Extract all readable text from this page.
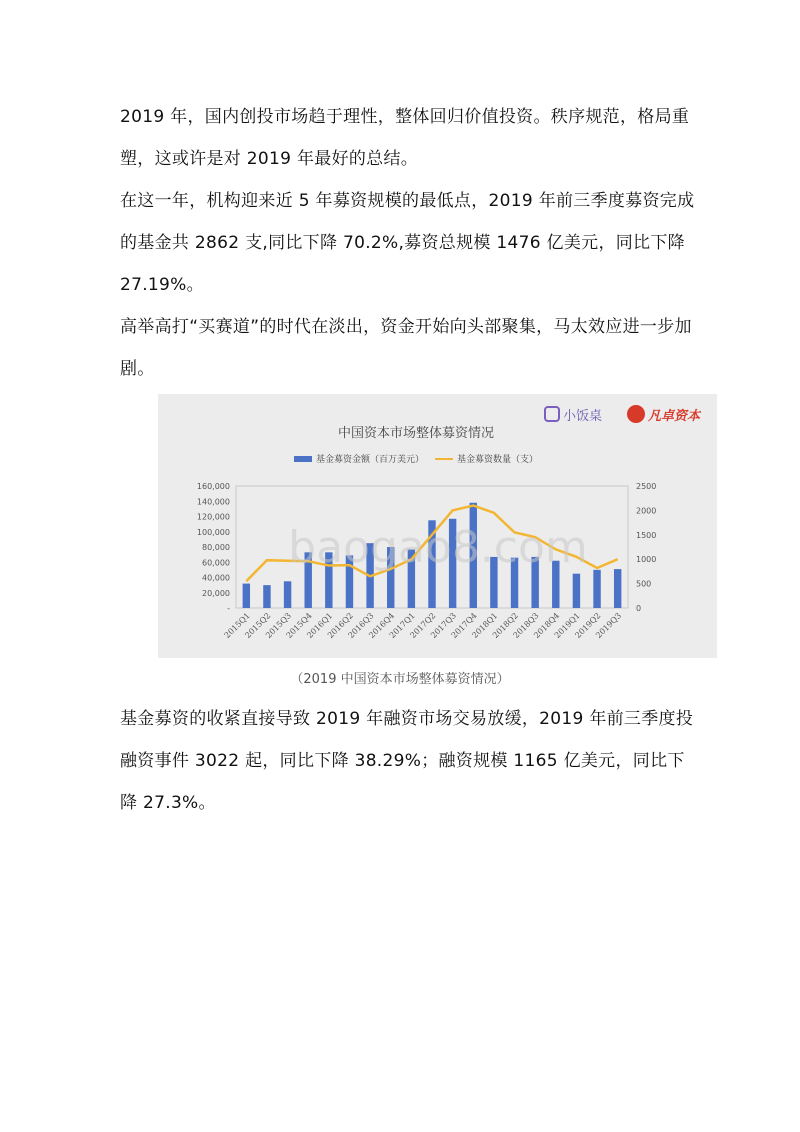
2019 年，国内创投市场趋于理性，整体回归价值投资。秩序规范，格局重塑，这或许是对 2019 年最好的总结。

在这一年，机构迎来近 5 年募资规模的最低点，2019 年前三季度募资完成的基金共 2862 支,同比下降 70.2%,募资总规模 1476 亿美元，同比下降 27.19%。

高举高打“买赛道”的时代在淡出，资金开始向头部聚集，马太效应进一步加剧。

小饭桌	凡卓资本
中国资本市场整体募资情况
基金募资金额（百万美元）	基金募资数量（支）
-
20,000
40,000
60,000
80,000
100,000
120,000
140,000
160,000
0
500
1000
1500
2000
2500
2015Q1
2015Q2
2015Q3
2015Q4
2016Q1
2016Q2
2016Q3
2016Q4
2017Q1
2017Q2
2017Q3
2017Q4
2018Q1
2018Q2
2018Q3
2018Q4
2019Q1
2019Q2
2019Q3
baogao8.com
（2019 中国资本市场整体募资情况）

基金募资的收紧直接导致 2019 年融资市场交易放缓，2019 年前三季度投融资事件 3022 起，同比下降 38.29%；融资规模 1165 亿美元，同比下降 27.3%。
